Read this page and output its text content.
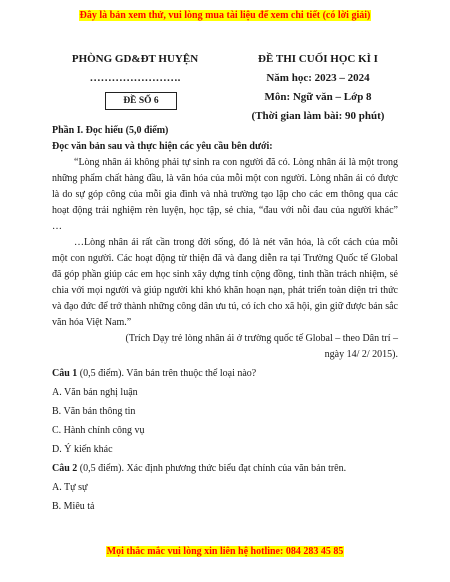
Đây là bản xem thử, vui lòng mua tài liệu để xem chi tiết (có lời giải)
PHÒNG GD&ĐT HUYỆN
…………………….
ĐỀ SỐ 6
ĐỀ THI CUỐI HỌC KÌ I
Năm học: 2023 – 2024
Môn: Ngữ văn – Lớp 8
(Thời gian làm bài: 90 phút)

Phần I. Đọc hiểu (5,0 điểm)

Đọc văn bản sau và thực hiện các yêu cầu bên dưới:

“Lòng nhân ái không phải tự sinh ra con người đã có. Lòng nhân ái là một trong những phẩm chất hàng đầu, là văn hóa của mỗi một con người. Lòng nhân ái có được là do sự góp công của mỗi gia đình và nhà trường tạo lập cho các em thông qua các hoạt động trải nghiệm rèn luyện, học tập, sẻ chia, “đau với nỗi đau của người khác” …

…Lòng nhân ái rất cần trong đời sống, đó là nét văn hóa, là cốt cách của mỗi một con người. Các hoạt động từ thiện đã và đang diễn ra tại Trường Quốc tế Global đã góp phần giúp các em học sinh xây dựng tính cộng đồng, tinh thần trách nhiệm, sẻ chia với mọi người và giúp người khi khó khăn hoạn nạn, phát triển toàn diện tri thức và đạo đức để trở thành những công dân ưu tú, có ích cho xã hội, gìn giữ được bản sắc văn hóa Việt Nam.”

(Trích Dạy trẻ lòng nhân ái ở trường quốc tế Global – theo Dân trí –

ngày 14/ 2/ 2015).

Câu 1 (0,5 điểm). Văn bản trên thuộc thể loại nào?

A. Văn bản nghị luận

B. Văn bản thông tin

C. Hành chính công vụ

D. Ý kiến khác

Câu 2 (0,5 điểm). Xác định phương thức biểu đạt chính của văn bản trên.

A. Tự sự

B. Miêu tả

Mọi thắc mắc vui lòng xin liên hệ hotline: 084 283 45 85
